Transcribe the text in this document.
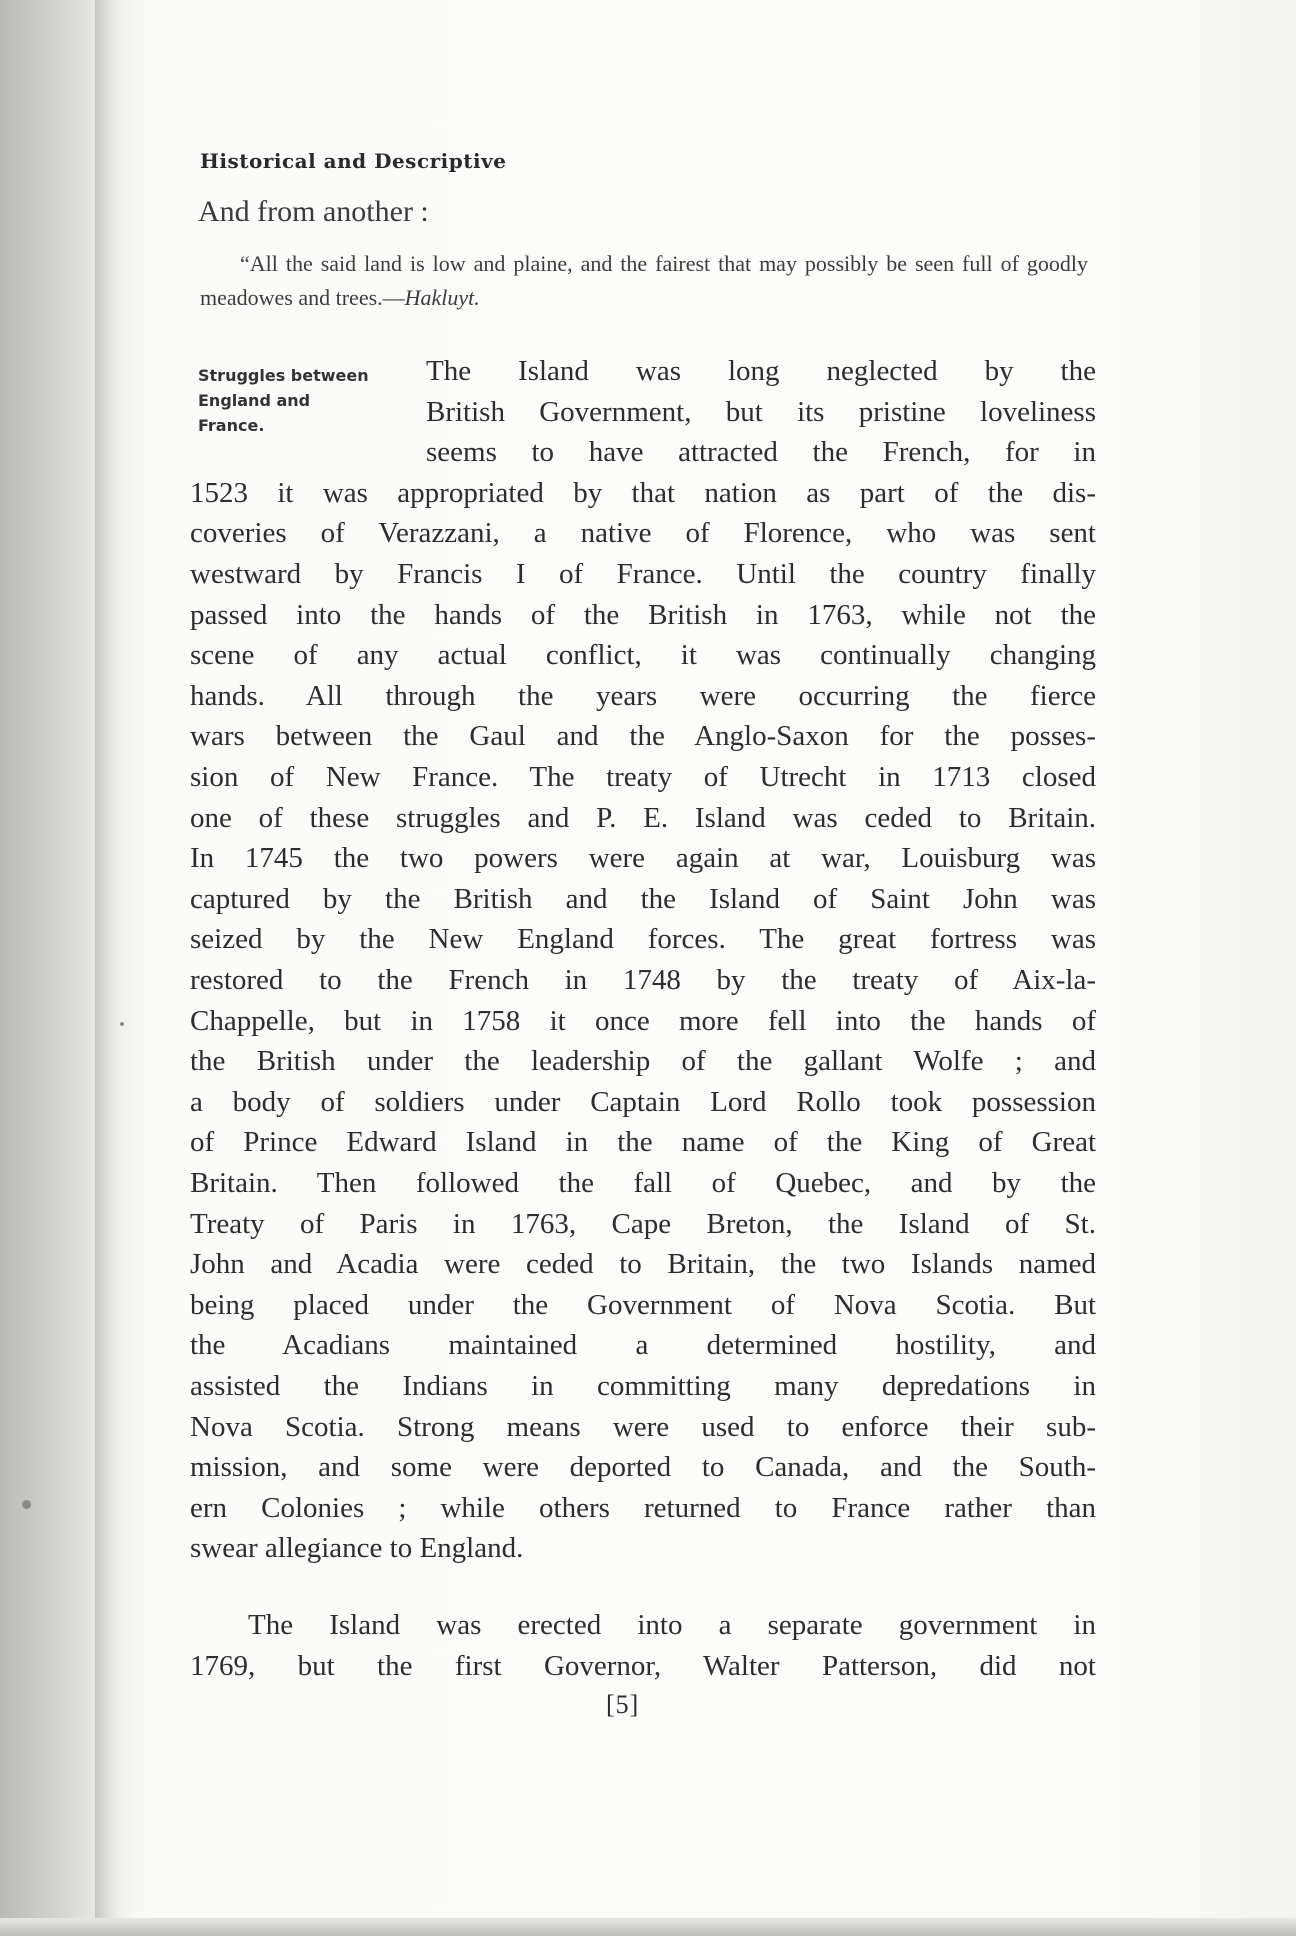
Historical and Descriptive
And from another :
“All the said land is low and plaine, and the fairest that may possibly be seen full of goodly meadowes and trees.—Hakluyt.
Struggles between
England and
France.
The Island was long neglected by the
British Government, but its pristine loveliness
seems to have attracted the French, for in
1523 it was appropriated by that nation as part of the dis-
coveries of Verazzani, a native of Florence, who was sent
westward by Francis I of France. Until the country finally
passed into the hands of the British in 1763, while not the
scene of any actual conflict, it was continually changing
hands. All through the years were occurring the fierce
wars between the Gaul and the Anglo-Saxon for the posses-
sion of New France. The treaty of Utrecht in 1713 closed
one of these struggles and P. E. Island was ceded to Britain.
In 1745 the two powers were again at war, Louisburg was
captured by the British and the Island of Saint John was
seized by the New England forces. The great fortress was
restored to the French in 1748 by the treaty of Aix-la-
Chappelle, but in 1758 it once more fell into the hands of
the British under the leadership of the gallant Wolfe ; and
a body of soldiers under Captain Lord Rollo took possession
of Prince Edward Island in the name of the King of Great
Britain. Then followed the fall of Quebec, and by the
Treaty of Paris in 1763, Cape Breton, the Island of St.
John and Acadia were ceded to Britain, the two Islands named
being placed under the Government of Nova Scotia. But
the Acadians maintained a determined hostility, and
assisted the Indians in committing many depredations in
Nova Scotia. Strong means were used to enforce their sub-
mission, and some were deported to Canada, and the South-
ern Colonies ; while others returned to France rather than
swear allegiance to England.
The Island was erected into a separate government in
1769, but the first Governor, Walter Patterson, did not
[5]
